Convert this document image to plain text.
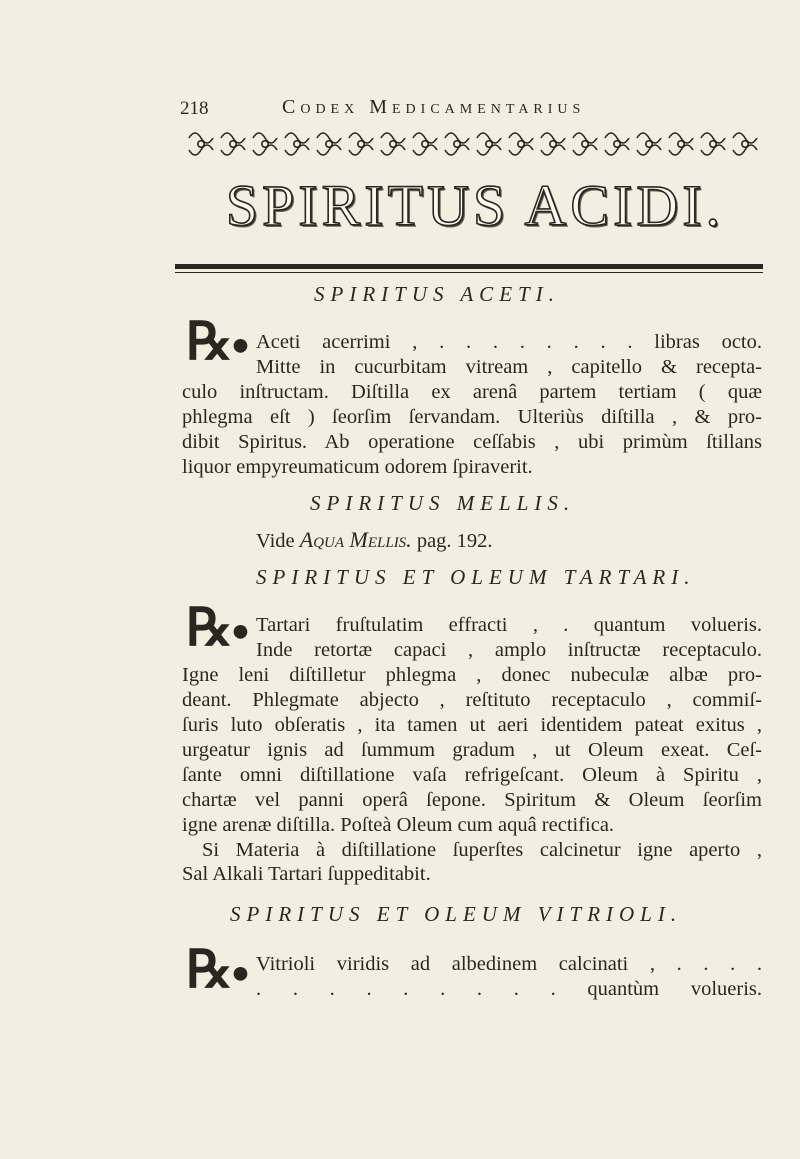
218	Codex Medicamentarius
SPIRITUS ACIDI.
SPIRITUS ACETI.
℞● Aceti acerrimi , . . . . . . . . libras octo.
Mitte in cucurbitam vitream , capitello & recepta-
culo inſtructam. Diſtilla ex arenâ partem tertiam ( quæ
phlegma eſt ) ſeorſim ſervandam. Ulteriùs diſtilla , & pro-
dibit Spiritus. Ab operatione ceſſabis , ubi primùm ſtillans
liquor empyreumaticum odorem ſpiraverit.
SPIRITUS MELLIS.
Vide Aqua Mellis. pag. 192.
SPIRITUS ET OLEUM TARTARI.
℞● Tartari fruſtulatim effracti , . quantum volueris.
Inde retortæ capaci , amplo inſtructæ receptaculo.
Igne leni diſtilletur phlegma , donec nubeculæ albæ pro-
deant. Phlegmate abjecto , reſtituto receptaculo , commiſ-
ſuris luto obſeratis , ita tamen ut aeri identidem pateat exitus ,
urgeatur ignis ad ſummum gradum , ut Oleum exeat. Ceſ-
ſante omni diſtillatione vaſa refrigeſcant. Oleum à Spiritu ,
chartæ vel panni operâ ſepone. Spiritum & Oleum ſeorſim
igne arenæ diſtilla. Poſteà Oleum cum aquâ rectifica.
Si Materia à diſtillatione ſuperſtes calcinetur igne aperto ,
Sal Alkali Tartari ſuppeditabit.
SPIRITUS ET OLEUM VITRIOLI.
℞● Vitrioli viridis ad albedinem calcinati , . . . .
. . . . . . . . . quantùm volueris.
